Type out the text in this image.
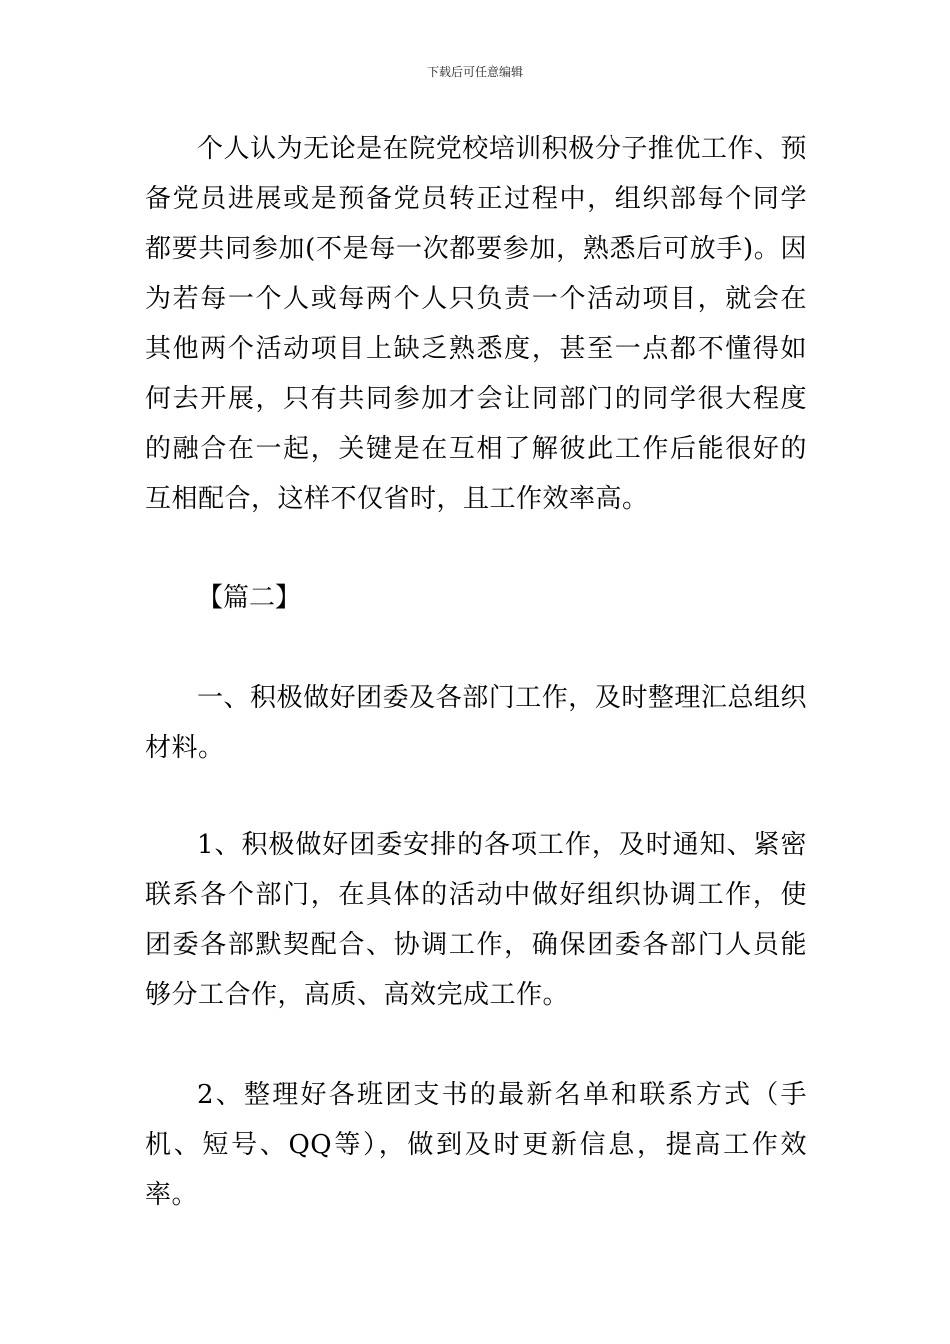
下载后可任意编辑

个人认为无论是在院党校培训积极分子推优工作、预备党员进展或是预备党员转正过程中，组织部每个同学都要共同参加(不是每一次都要参加，熟悉后可放手)。因为若每一个人或每两个人只负责一个活动项目，就会在其他两个活动项目上缺乏熟悉度，甚至一点都不懂得如何去开展，只有共同参加才会让同部门的同学很大程度的融合在一起，关键是在互相了解彼此工作后能很好的互相配合，这样不仅省时，且工作效率高。

【篇二】

一、积极做好团委及各部门工作，及时整理汇总组织材料。

1、积极做好团委安排的各项工作，及时通知、紧密联系各个部门，在具体的活动中做好组织协调工作，使团委各部默契配合、协调工作，确保团委各部门人员能够分工合作，高质、高效完成工作。

2、整理好各班团支书的最新名单和联系方式（手机、短号、QQ等），做到及时更新信息，提高工作效率。
